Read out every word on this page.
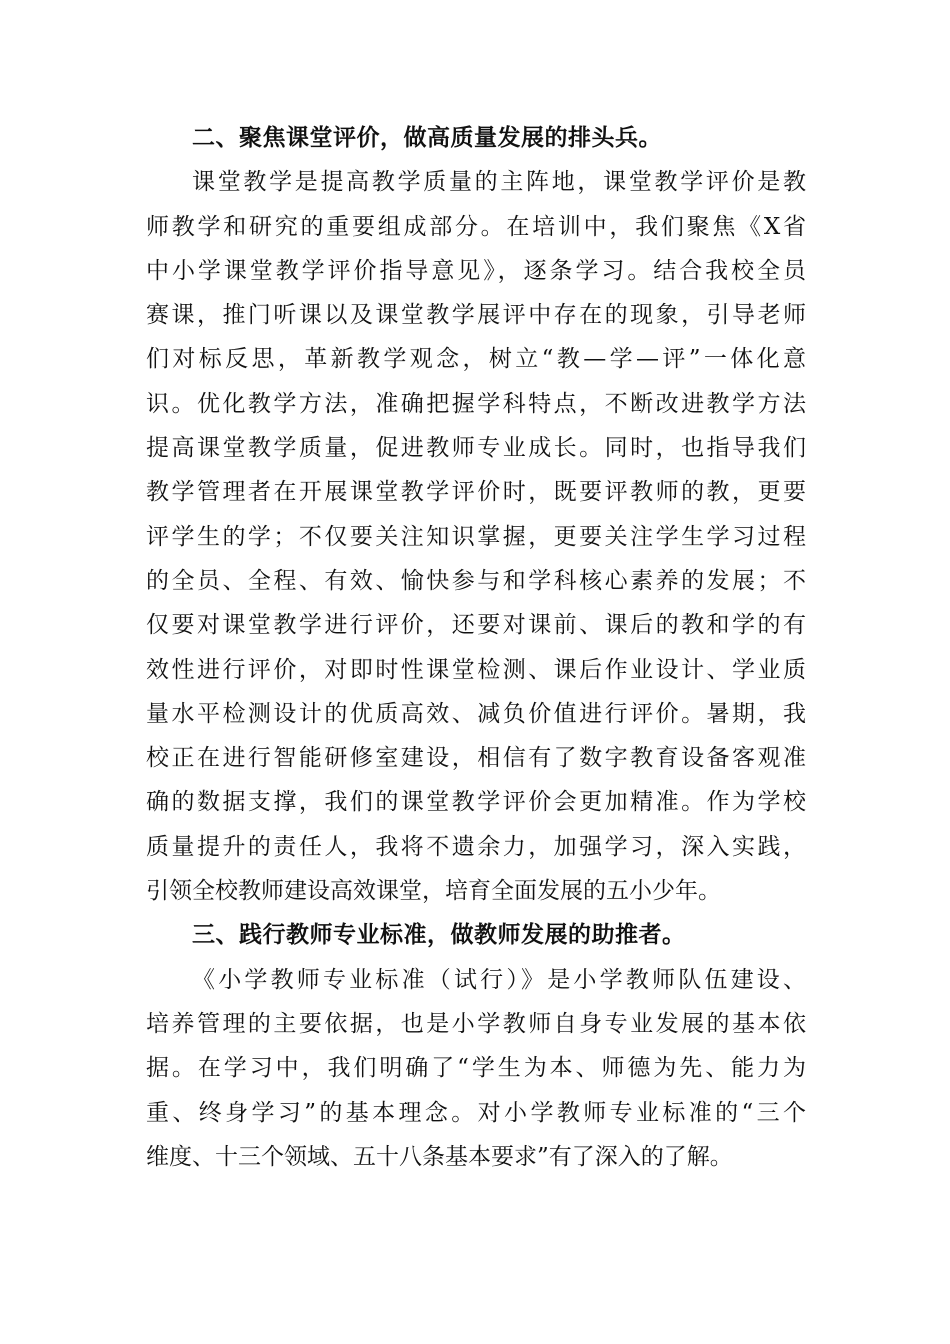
二、聚焦课堂评价，做高质量发展的排头兵。
课堂教学是提高教学质量的主阵地，课堂教学评价是教
师教学和研究的重要组成部分。在培训中，我们聚焦《X省
中小学课堂教学评价指导意见》，逐条学习。结合我校全员
赛课，推门听课以及课堂教学展评中存在的现象，引导老师
们对标反思，革新教学观念，树立“教—学—评”一体化意
识。优化教学方法，准确把握学科特点，不断改进教学方法
提高课堂教学质量，促进教师专业成长。同时，也指导我们
教学管理者在开展课堂教学评价时，既要评教师的教，更要
评学生的学；不仅要关注知识掌握，更要关注学生学习过程
的全员、全程、有效、愉快参与和学科核心素养的发展；不
仅要对课堂教学进行评价，还要对课前、课后的教和学的有
效性进行评价，对即时性课堂检测、课后作业设计、学业质
量水平检测设计的优质高效、减负价值进行评价。暑期，我
校正在进行智能研修室建设，相信有了数字教育设备客观准
确的数据支撑，我们的课堂教学评价会更加精准。作为学校
质量提升的责任人，我将不遗余力，加强学习，深入实践，
引领全校教师建设高效课堂，培育全面发展的五小少年。
三、践行教师专业标准，做教师发展的助推者。
《小学教师专业标准（试行）》是小学教师队伍建设、
培养管理的主要依据，也是小学教师自身专业发展的基本依
据。在学习中，我们明确了“学生为本、师德为先、能力为
重、终身学习”的基本理念。对小学教师专业标准的“三个
维度、十三个领域、五十八条基本要求”有了深入的了解。
